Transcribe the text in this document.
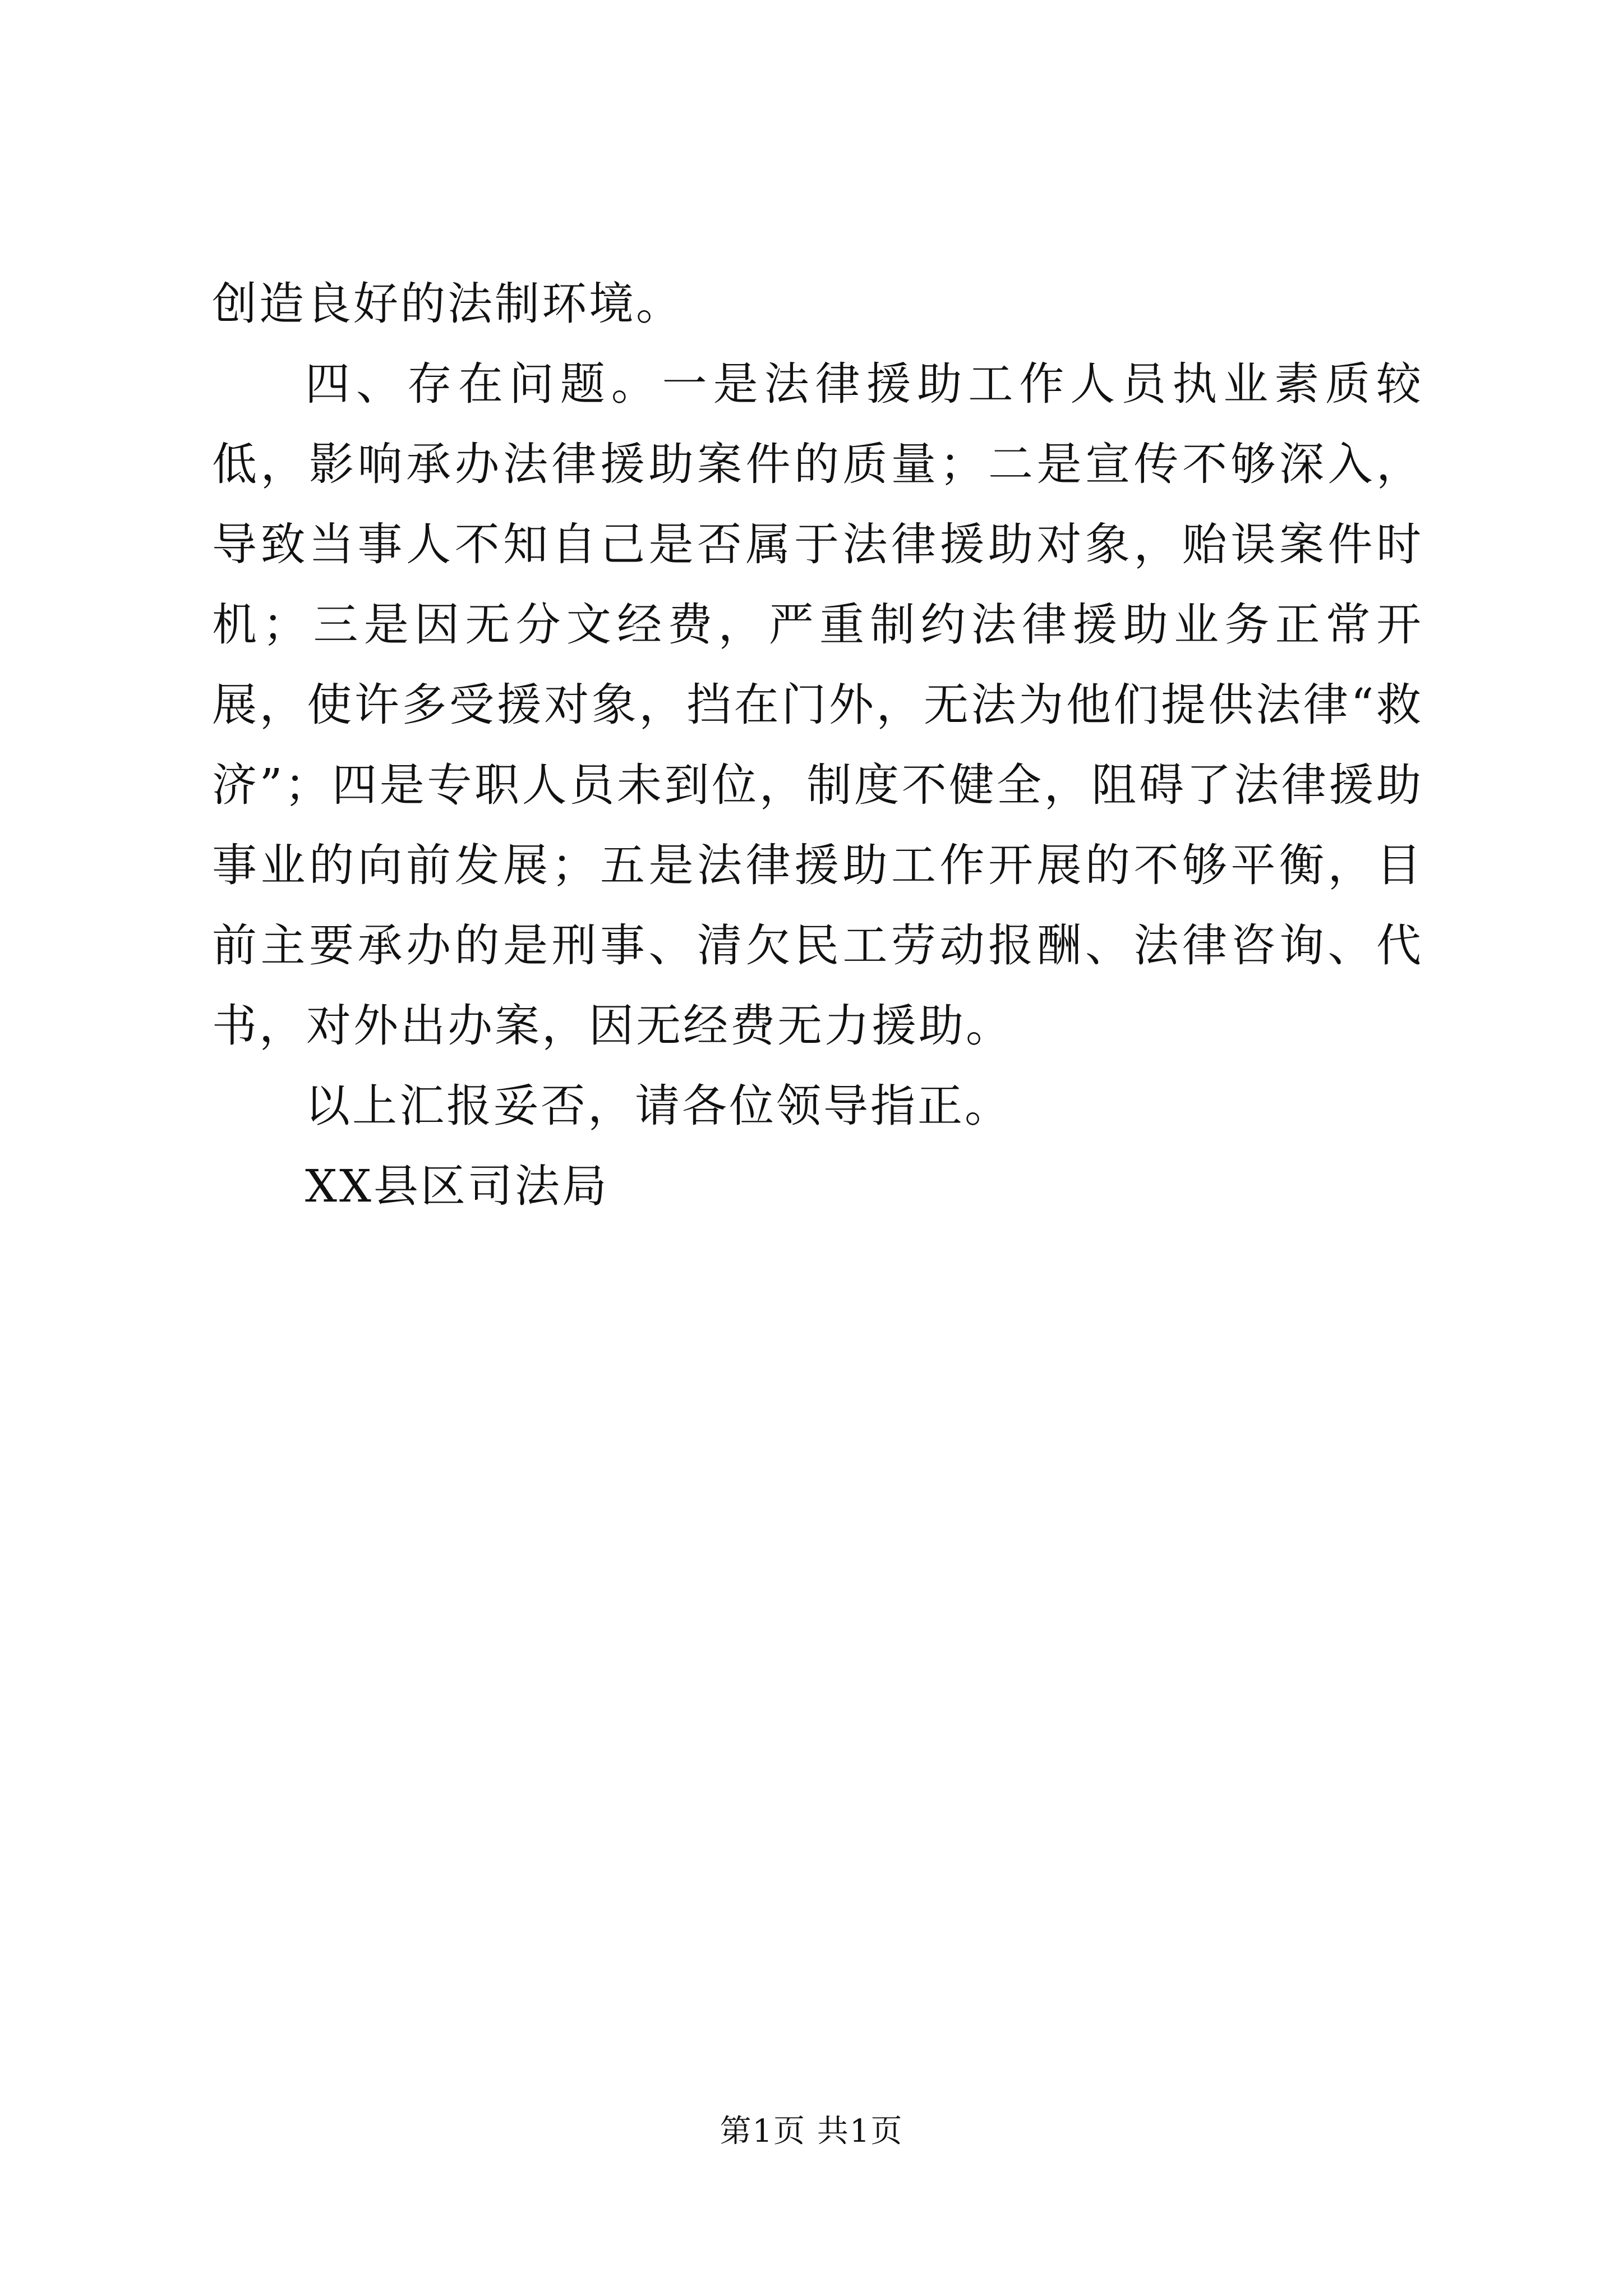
创造良好的法制环境。

四、存在问题。一是法律援助工作人员执业素质较低，影响承办法律援助案件的质量；二是宣传不够深入，导致当事人不知自己是否属于法律援助对象，贻误案件时机；三是因无分文经费，严重制约法律援助业务正常开展，使许多受援对象，挡在门外，无法为他们提供法律“救济”；四是专职人员未到位，制度不健全，阻碍了法律援助事业的向前发展；五是法律援助工作开展的不够平衡，目前主要承办的是刑事、清欠民工劳动报酬、法律咨询、代书，对外出办案，因无经费无力援助。

以上汇报妥否，请各位领导指正。

XX县区司法局

第1页 共1页
